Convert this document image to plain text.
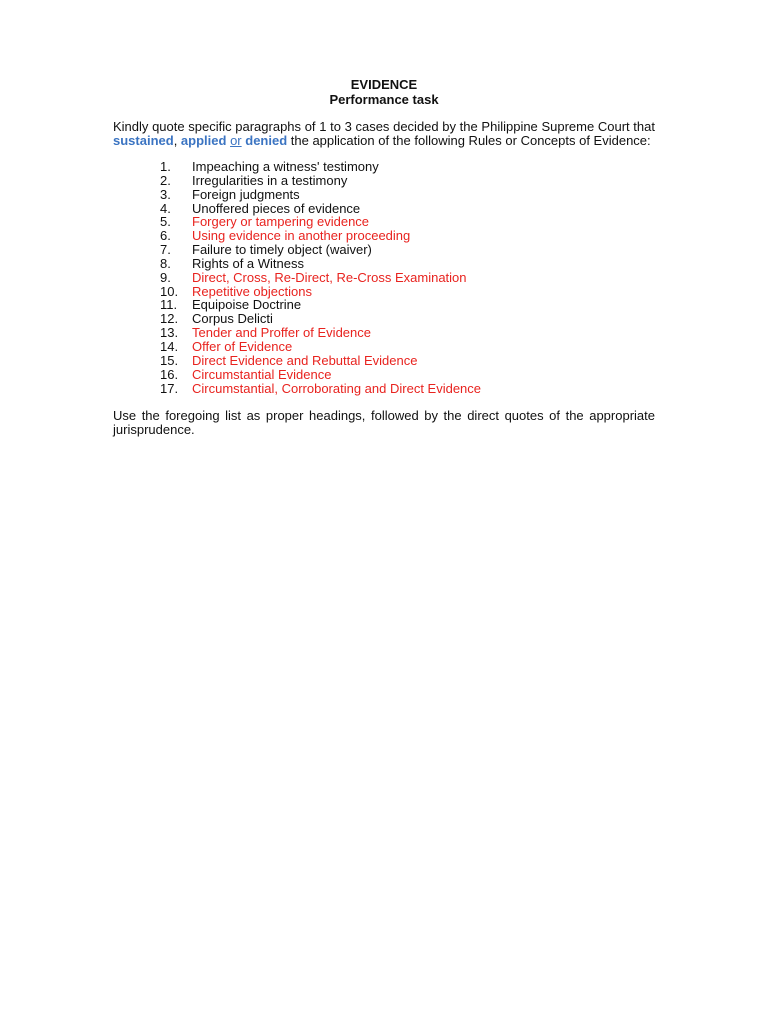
EVIDENCE
Performance task
Kindly quote specific paragraphs of 1 to 3 cases decided by the Philippine Supreme Court that sustained, applied or denied the application of the following Rules or Concepts of Evidence:
1.	Impeaching a witness' testimony
2.	Irregularities in a testimony
3.	Foreign judgments
4.	Unoffered pieces of evidence
5.	Forgery or tampering evidence
6.	Using evidence in another proceeding
7.	Failure to timely object (waiver)
8.	Rights of a Witness
9.	Direct, Cross, Re-Direct, Re-Cross Examination
10.	Repetitive objections
11.	Equipoise Doctrine
12.	Corpus Delicti
13.	Tender and Proffer of Evidence
14.	Offer of Evidence
15.	Direct Evidence and Rebuttal Evidence
16.	Circumstantial Evidence
17.	Circumstantial, Corroborating and Direct Evidence
Use the foregoing list as proper headings, followed by the direct quotes of the appropriate jurisprudence.
